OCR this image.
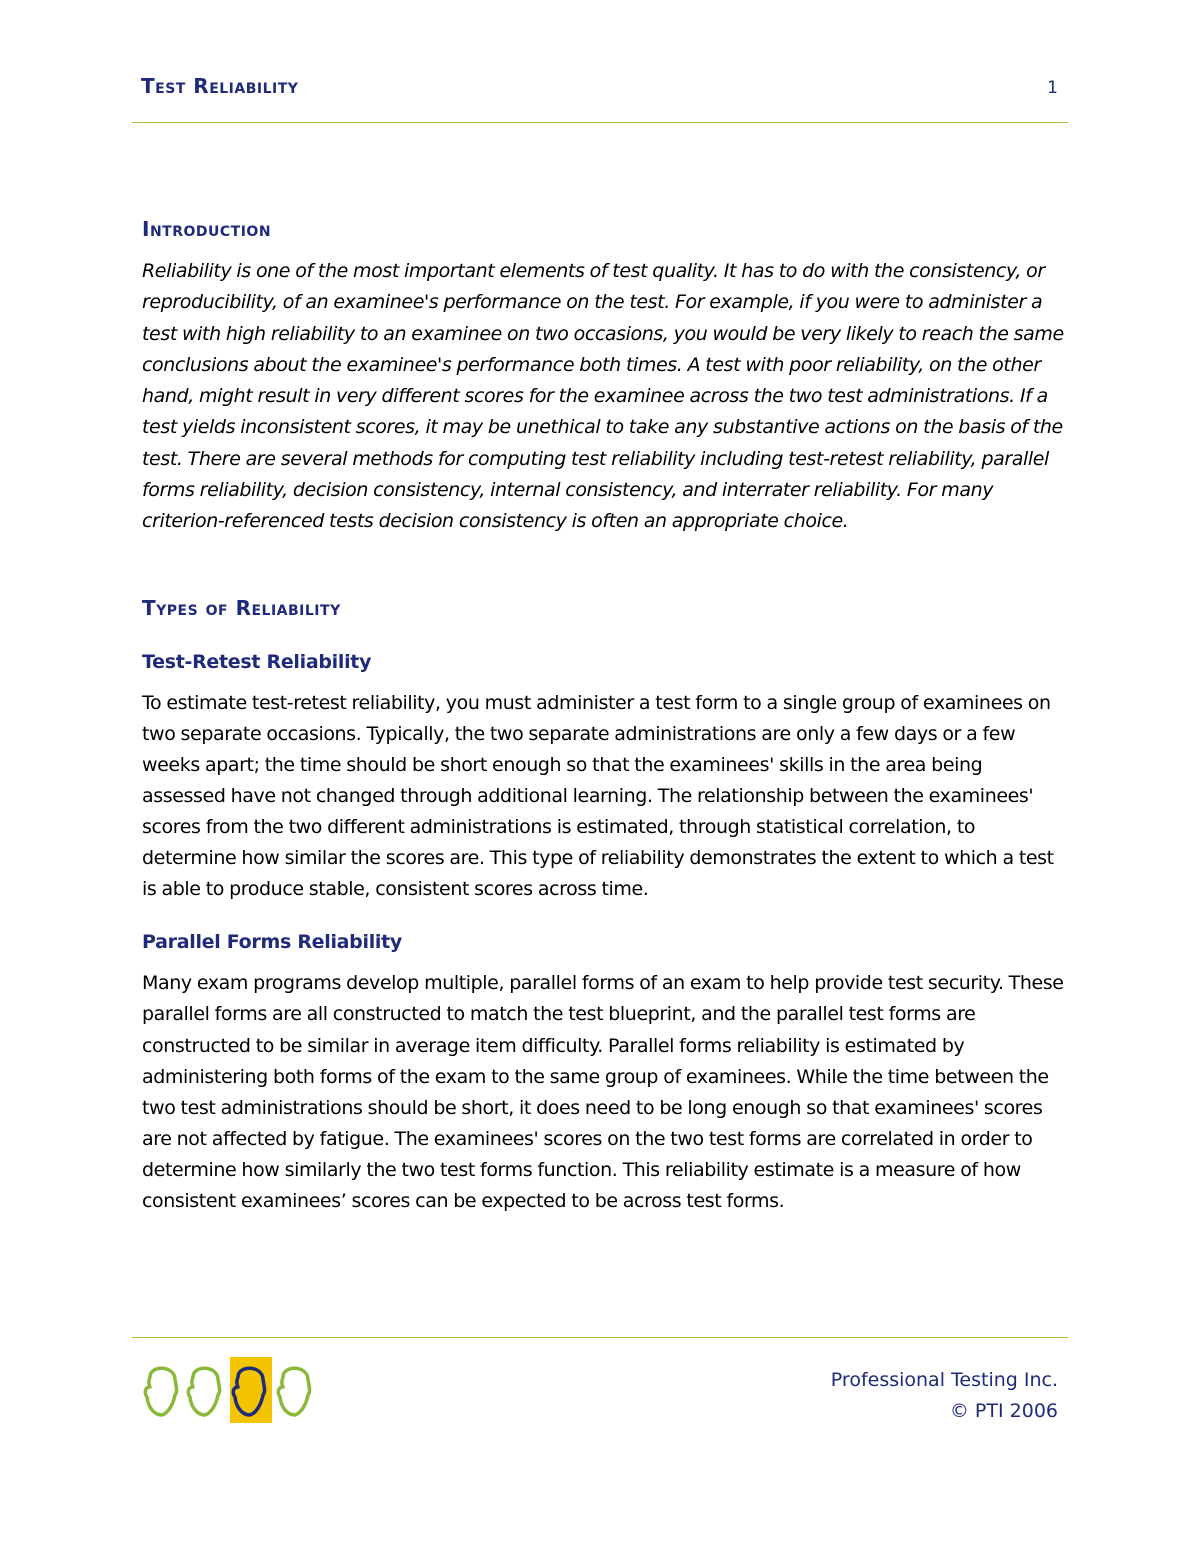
Test Reliability	1
Introduction

Reliability is one of the most important elements of test quality. It has to do with the consistency, or reproducibility, of an examinee's performance on the test. For example, if you were to administer a test with high reliability to an examinee on two occasions, you would be very likely to reach the same conclusions about the examinee's performance both times. A test with poor reliability, on the other hand, might result in very different scores for the examinee across the two test administrations. If a test yields inconsistent scores, it may be unethical to take any substantive actions on the basis of the test. There are several methods for computing test reliability including test-retest reliability, parallel forms reliability, decision consistency, internal consistency, and interrater reliability. For many criterion-referenced tests decision consistency is often an appropriate choice.

Types of Reliability
Test-Retest Reliability

To estimate test-retest reliability, you must administer a test form to a single group of examinees on two separate occasions. Typically, the two separate administrations are only a few days or a few weeks apart; the time should be short enough so that the examinees' skills in the area being assessed have not changed through additional learning. The relationship between the examinees' scores from the two different administrations is estimated, through statistical correlation, to determine how similar the scores are. This type of reliability demonstrates the extent to which a test is able to produce stable, consistent scores across time.

Parallel Forms Reliability

Many exam programs develop multiple, parallel forms of an exam to help provide test security. These parallel forms are all constructed to match the test blueprint, and the parallel test forms are constructed to be similar in average item difficulty. Parallel forms reliability is estimated by administering both forms of the exam to the same group of examinees. While the time between the two test administrations should be short, it does need to be long enough so that examinees' scores are not affected by fatigue. The examinees' scores on the two test forms are correlated in order to determine how similarly the two test forms function. This reliability estimate is a measure of how consistent examinees’ scores can be expected to be across test forms.

Professional Testing Inc.
© PTI 2006
